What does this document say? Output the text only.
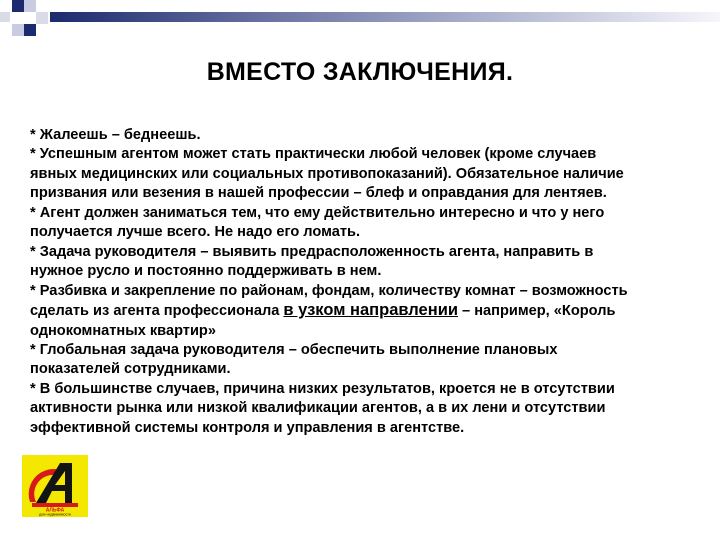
ВМЕСТО ЗАКЛЮЧЕНИЯ.

* Жалеешь – беднеешь.

* Успешным агентом может стать практически любой человек (кроме случаев

явных медицинских или социальных противопоказаний). Обязательное наличие

призвания или везения в нашей профессии – блеф и оправдания для лентяев.

* Агент должен заниматься тем, что ему действительно интересно и что у него

получается лучше всего. Не надо его ломать.

* Задача руководителя – выявить предрасположенность агента, направить в

нужное русло и постоянно поддерживать в нем.

* Разбивка и закрепление по районам, фондам, количеству комнат – возможность

сделать из агента профессионала в узком направлении – например, «Король

однокомнатных квартир»

* Глобальная задача руководителя – обеспечить выполнение плановых

показателей сотрудниками.

* В большинстве случаев, причина низких результатов, кроется не в отсутствии

активности рынка или низкой квалификации агентов, а в их лени и отсутствии

эффективной системы контроля и управления в агентстве.

АЛЬФА
дом недвижимости
